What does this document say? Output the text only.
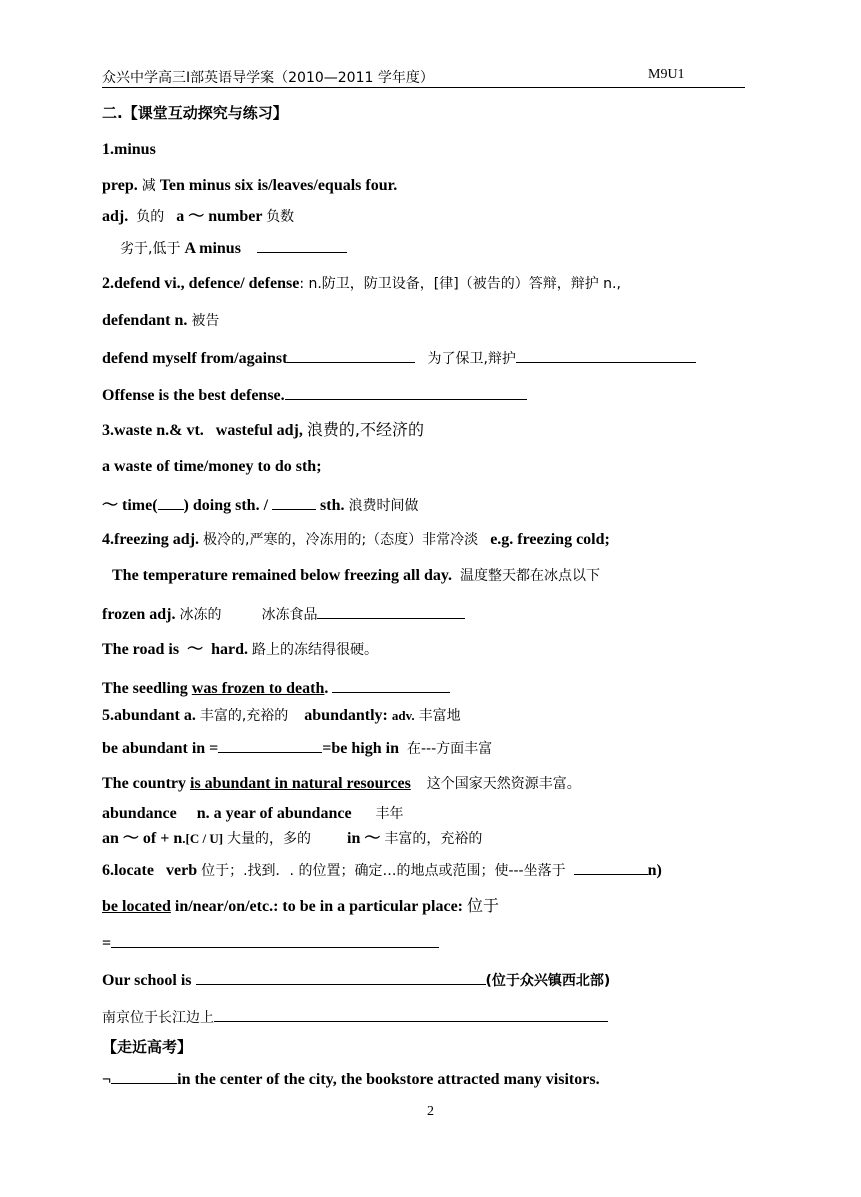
众兴中学高三Ⅰ部英语导学案（2010—2011 学年度）	M9U1
二.【课堂互动探究与练习】
1.minus
prep. 减 Ten minus six is/leaves/equals four.
adj. 负的 a ～ number 负数
劣于,低于 A minus
2.defend vi., defence/ defense: n.防卫，防卫设备，[律]（被告的）答辩，辩护 n.,
defendant n. 被告
defend myself from/against	为了保卫,辩护
Offense is the best defense.
3.waste n.& vt. wasteful adj, 浪费的,不经济的
a waste of time/money to do sth;
～ time( ) doing sth. /	sth. 浪费时间做
4.freezing adj. 极冷的,严寒的，冷冻用的;（态度）非常冷淡 e.g. freezing cold;
The temperature remained below freezing all day. 温度整天都在冰点以下
frozen adj. 冰冻的	冰冻食品
The road is ～ hard. 路上的冻结得很硬。
The seedling was frozen to death.
5.abundant a. 丰富的,充裕的 abundantly: adv. 丰富地
be abundant in =	=be high in 在---方面丰富
The country is abundant in natural resources 这个国家天然资源丰富。
abundance n. a year of abundance 丰年
an ～ of + n.[C / U] 大量的，多的 in ～ 丰富的，充裕的
6.locate verb 位于；.找到．. 的位置；确定…的地点或范围；使---坐落于	n)
be located in/near/on/etc.: to be in a particular place: 位于
=
Our school is	(位于众兴镇西北部)
南京位于长江边上
【走近高考】
¬	in the center of the city, the bookstore attracted many visitors.
2
